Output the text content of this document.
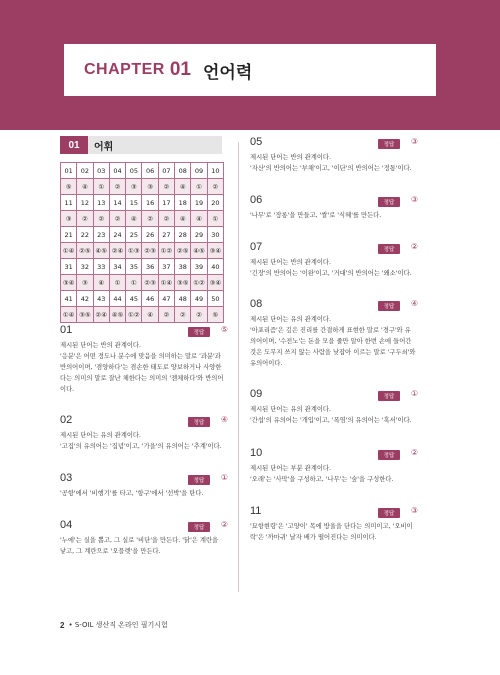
CHAPTER 01 언어력
01	어휘
01	02	03	04	05	06	07	08	09	10
⑤	④	①	②	③	③	②	④	①	②
11	12	13	14	15	16	17	18	19	20
③	②	②	②	④	②	②	④	④	①
21	22	23	24	25	26	27	28	29	30
①④	②⑤	④⑤	②④	①③	②③	①②	②⑤	④⑤	③④
31	32	33	34	35	36	37	38	39	40
③④	③	④	①	①	②③	①④	③⑤	①②	③④
41	42	43	44	45	46	47	48	49	50
①④	③⑤	②④	④⑤	①②	④	②	②	②	⑤
01	정답	⑤
제시된 단어는 반의 관계이다.
'응분'은 어떤 정도나 분수에 맞음을 의미하는 말로 '과분'과
반의어이며, '겸양하다'는 겸손한 태도로 양보하거나 사양한
다는 의미의 말로 잘난 체한다는 의미의 '젠체하다'와 반의어
이다.
02	정답	④
제시된 단어는 유의 관계이다.
'고집'의 유의어는 '집념'이고, '가을'의 유의어는 '추계'이다.
03	정답	①
'공항'에서 '비행기'를 타고, '항구'에서 '선박'을 탄다.
04	정답	②
'누에'는 실을 뽑고, 그 실로 '비단'을 만든다. '닭'은 계란을
낳고, 그 계란으로 '오믈렛'을 만든다.
05	정답	③
제시된 단어는 반의 관계이다.
'자산'의 반의어는 '부채'이고, '이단'의 반의어는 '정통'이다.
06	정답	③
'나무'로 '장롱'을 만들고, '쌀'로 '식혜'를 만든다.
07	정답	②
제시된 단어는 반의 관계이다.
'긴장'의 반의어는 '이완'이고, '거대'의 반의어는 '왜소'이다.
08	정답	④
제시된 단어는 유의 관계이다.
'아포리즘'은 깊은 진리를 간결하게 표현한 말로 '경구'와 유
의어이며, '수전노'는 돈을 모을 줄만 알아 한번 손에 들어간
것은 도무지 쓰지 않는 사람을 낮잡아 이르는 말로 '구두쇠'와
유의어이다.
09	정답	①
제시된 단어는 유의 관계이다.
'간섭'의 유의어는 '개입'이고, '폭염'의 유의어는 '혹서'이다.
10	정답	②
제시된 단어는 부분 관계이다.
'오래'는 '사막'을 구성하고, '나무'는 '숲'을 구성한다.
11	정답	③
'묘항현령'은 '고양이' 목에 방울을 단다는 의미이고, '오비이
락'은 '까마귀' 날자 배가 떨어진다는 의미이다.
2 • S-OIL 생산직 온라인 필기시험
